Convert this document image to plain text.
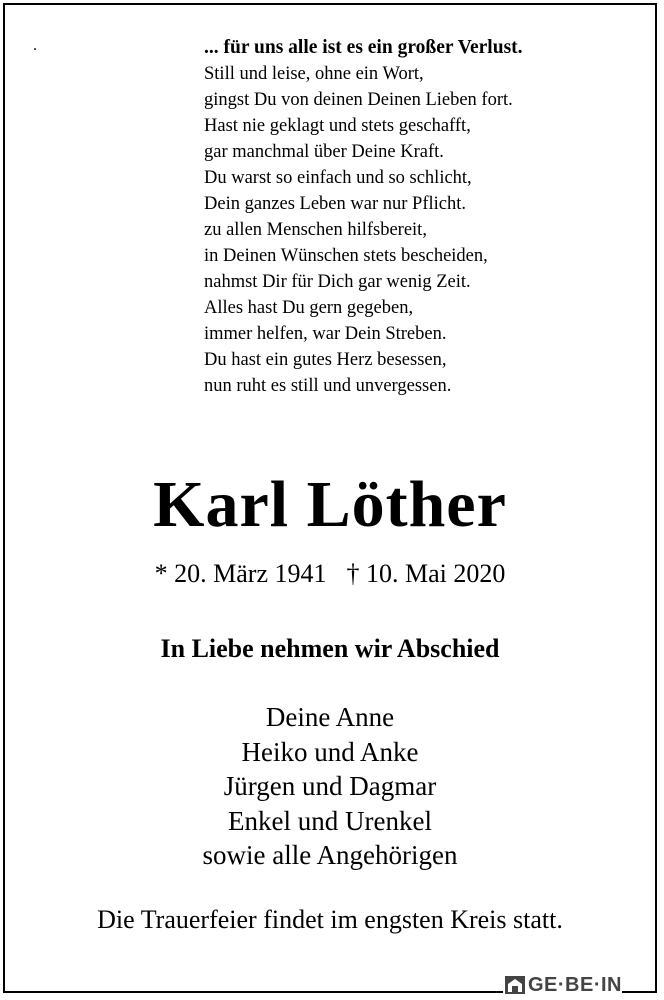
.	... für uns alle ist es ein großer Verlust.
Still und leise, ohne ein Wort,
gingst Du von deinen Deinen Lieben fort.
Hast nie geklagt und stets geschafft,
gar manchmal über Deine Kraft.
Du warst so einfach und so schlicht,
Dein ganzes Leben war nur Pflicht.
zu allen Menschen hilfsbereit,
in Deinen Wünschen stets bescheiden,
nahmst Dir für Dich gar wenig Zeit.
Alles hast Du gern gegeben,
immer helfen, war Dein Streben.
Du hast ein gutes Herz besessen,
nun ruht es still und unvergessen.
Karl Löther
* 20. März 1941 † 10. Mai 2020
In Liebe nehmen wir Abschied
Deine Anne
Heiko und Anke
Jürgen und Dagmar
Enkel und Urenkel
sowie alle Angehörigen
Die Trauerfeier findet im engsten Kreis statt.
GE·BE·IN
